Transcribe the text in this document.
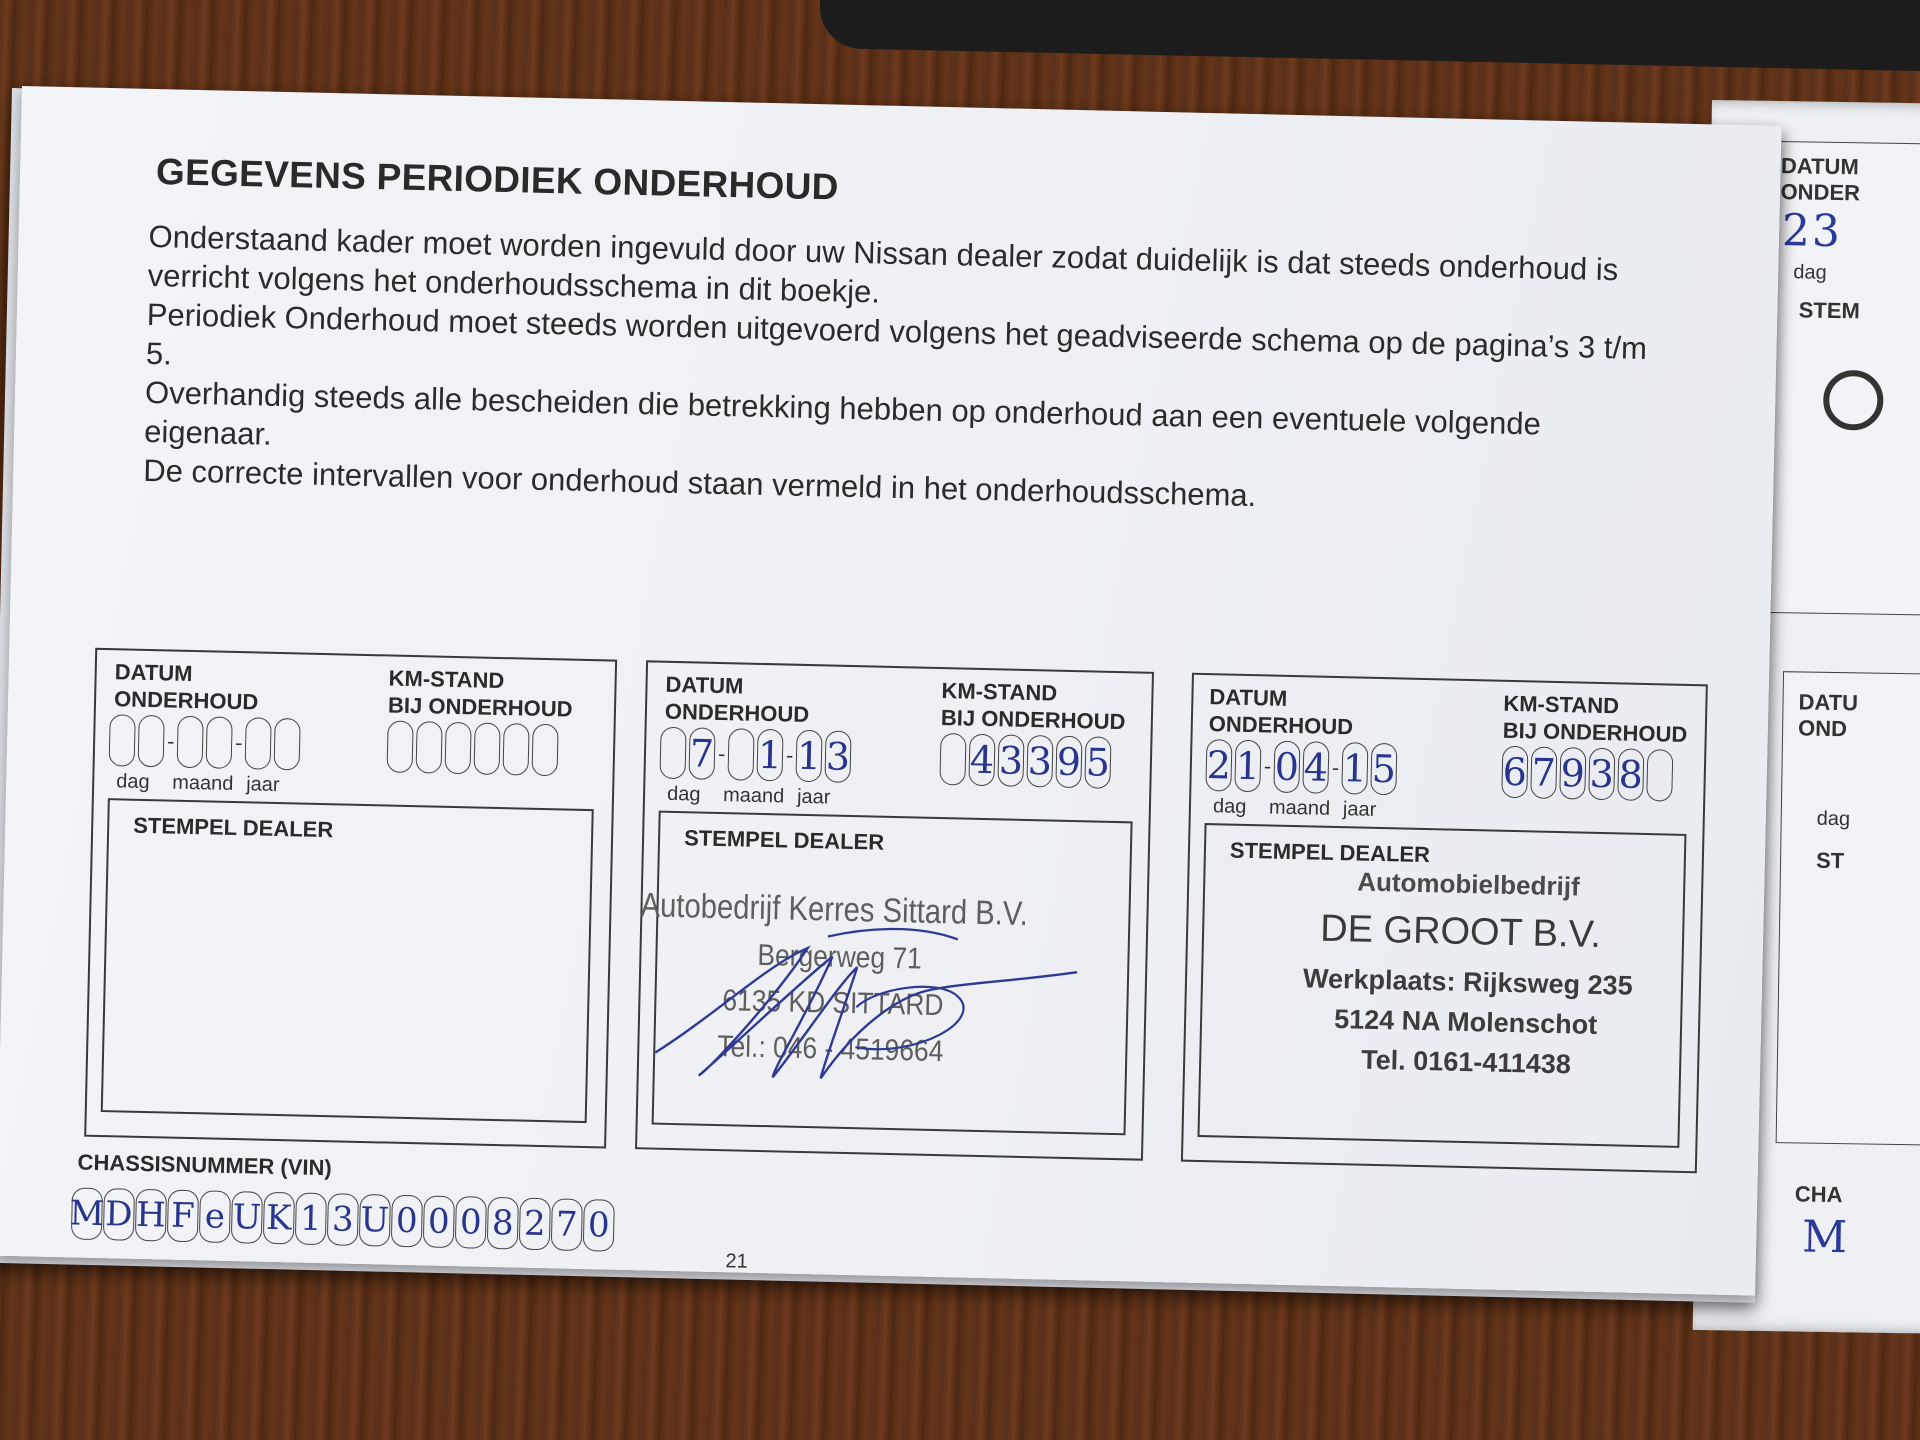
DATUM
ONDER
2 3
dag
STEM
DATU
OND
dag
ST
CHA
M
GEGEVENS PERIODIEK ONDERHOUD

Onderstaand kader moet worden ingevuld door uw Nissan dealer zodat duidelijk is dat steeds onderhoud is verricht volgens het onderhoudsschema in dit boekje.

Periodiek Onderhoud moet steeds worden uitgevoerd volgens het geadviseerde schema op de pagina’s 3 t/m 5.

Overhandig steeds alle bescheiden die betrekking hebben op onderhoud aan een eventuele volgende eigenaar.

De correcte intervallen voor onderhoud staan vermeld in het onderhoudsschema.

DATUM
ONDERHOUD
KM-STAND
BIJ ONDERHOUD
-	-
dag maand jaar
STEMPEL DEALER
DATUM
ONDERHOUD
KM-STAND
BIJ ONDERHOUD
7 - 1 - 1 3	4 3 3 9 5
dag maand jaar
STEMPEL DEALER
Autobedrijf Kerres Sittard B.V.
Bergerweg 71
6135 KD SITTARD
Tel.: 046 - 4519664
DATUM
ONDERHOUD
KM-STAND
BIJ ONDERHOUD
2 1 - 0 4 - 1 5	6 7 9 3 8
dag maand jaar
STEMPEL DEALER
Automobielbedrijf
DE GROOT B.V.
Werkplaats: Rijksweg 235
5124 NA Molenschot
Tel. 0161-411438
CHASSISNUMMER (VIN)
M D H F e U K 1 3 U 0 0 0 8 2 7 0
21
